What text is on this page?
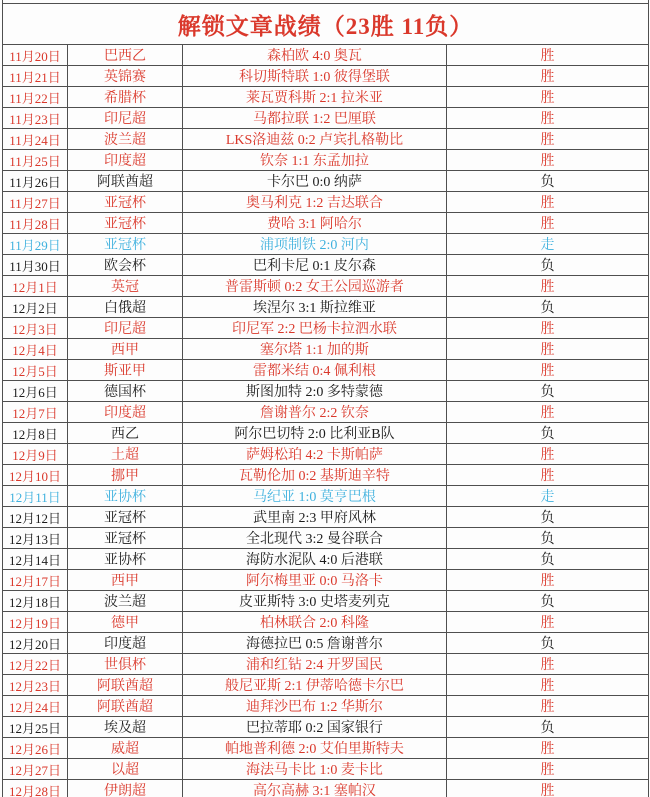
解锁文章战绩（23胜 11负）			
11月20日	巴西乙	森柏欧 4:0 奥瓦	胜
11月21日	英锦赛	科切斯特联 1:0 彼得堡联	胜
11月22日	希腊杯	莱瓦贾科斯 2:1 拉米亚	胜
11月23日	印尼超	马都拉联 1:2 巴厘联	胜
11月24日	波兰超	LKS洛迪兹 0:2 卢宾扎格勒比	胜
11月25日	印度超	钦奈 1:1 东孟加拉	胜
11月26日	阿联酋超	卡尔巴 0:0 纳萨	负
11月27日	亚冠杯	奥马利克 1:2 吉达联合	胜
11月28日	亚冠杯	费哈 3:1 阿哈尔	胜
11月29日	亚冠杯	浦项制铁 2:0 河内	走
11月30日	欧会杯	巴利卡尼 0:1 皮尔森	负
12月1日	英冠	普雷斯顿 0:2 女王公园巡游者	胜
12月2日	白俄超	埃涅尔 3:1 斯拉维亚	负
12月3日	印尼超	印尼军 2:2 巴杨卡拉泗水联	胜
12月4日	西甲	塞尔塔 1:1 加的斯	胜
12月5日	斯亚甲	雷都米结 0:4 佩利根	胜
12月6日	德国杯	斯图加特 2:0 多特蒙德	负
12月7日	印度超	詹谢普尔 2:2 钦奈	胜
12月8日	西乙	阿尔巴切特 2:0 比利亚B队	负
12月9日	土超	萨姆松珀 4:2 卡斯帕萨	胜
12月10日	挪甲	瓦勒伦加 0:2 基斯迪辛特	胜
12月11日	亚协杯	马纪亚 1:0 莫亨巴根	走
12月12日	亚冠杯	武里南 2:3 甲府风林	负
12月13日	亚冠杯	全北现代 3:2 曼谷联合	负
12月14日	亚协杯	海防水泥队 4:0 后港联	负
12月17日	西甲	阿尔梅里亚 0:0 马洛卡	胜
12月18日	波兰超	皮亚斯特 3:0 史塔麦列克	负
12月19日	德甲	柏林联合 2:0 科隆	胜
12月20日	印度超	海德拉巴 0:5 詹谢普尔	负
12月22日	世俱杯	浦和红钻 2:4 开罗国民	胜
12月23日	阿联酋超	般尼亚斯 2:1 伊蒂哈德卡尔巴	胜
12月24日	阿联酋超	迪拜沙巴布 1:2 华斯尔	胜
12月25日	埃及超	巴拉蒂耶 0:2 国家银行	负
12月26日	威超	帕地普利德 2:0 艾伯里斯特夫	胜
12月27日	以超	海法马卡比 1:0 麦卡比	胜
12月28日	伊朗超	高尔高赫 3:1 塞帕汉	胜
